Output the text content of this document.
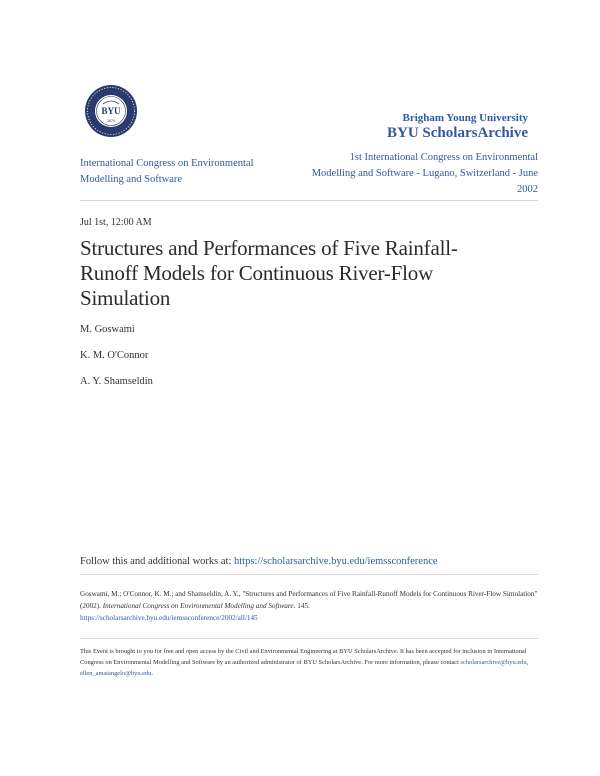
BYU
1875	Brigham Young University
BYU ScholarsArchive
International Congress on Environmental Modelling and Software
1st International Congress on Environmental Modelling and Software - Lugano, Switzerland - June 2002
Jul 1st, 12:00 AM
Structures and Performances of Five Rainfall-Runoff Models for Continuous River-Flow Simulation
M. Goswami
K. M. O'Connor
A. Y. Shamseldin
Follow this and additional works at: https://scholarsarchive.byu.edu/iemssconference
Goswami, M.; O'Connor, K. M.; and Shamseldin, A. Y., "Structures and Performances of Five Rainfall-Runoff Models for Continuous River-Flow Simulation" (2002). International Congress on Environmental Modelling and Software. 145.
https://scholarsarchive.byu.edu/iemssconference/2002/all/145
This Event is brought to you for free and open access by the Civil and Environmental Engineering at BYU ScholarsArchive. It has been accepted for inclusion in International Congress on Environmental Modelling and Software by an authorized administrator of BYU ScholarsArchive. For more information, please contact scholarsarchive@byu.edu, ellen_amatangelo@byu.edu.
